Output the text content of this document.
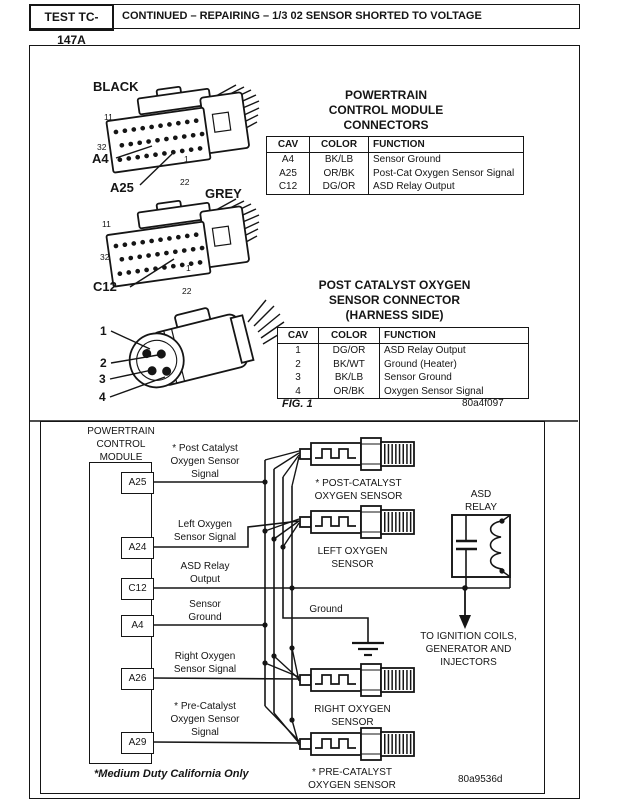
TEST TC-147A
CONTINUED – REPAIRING – 1/3 02 SENSOR SHORTED TO VOLTAGE
BLACK
GREY
11
32
1
22
A4
A25
11
32
1
22
C12
1
2
3
4
POWERTRAIN
CONTROL MODULE
CONNECTORS
CAV	COLOR	FUNCTION
A4	BK/LB	Sensor Ground
A25	OR/BK	Post-Cat Oxygen Sensor Signal
C12	DG/OR	ASD Relay Output
POST CATALYST OXYGEN
SENSOR CONNECTOR
(HARNESS SIDE)
CAV	COLOR	FUNCTION
1	DG/OR	ASD Relay Output
2	BK/WT	Ground (Heater)
3	BK/LB	Sensor Ground
4	OR/BK	Oxygen Sensor Signal
FIG. 1	80a4f097
POWERTRAIN
CONTROL
MODULE
A25
A24
C12
A4
A26
A29
* Post Catalyst
Oxygen Sensor
Signal
Left Oxygen
Sensor Signal
ASD Relay
Output
Sensor
Ground
Right Oxygen
Sensor Signal
* Pre-Catalyst
Oxygen Sensor
Signal
* POST-CATALYST
OXYGEN SENSOR
LEFT OXYGEN
SENSOR
RIGHT OXYGEN
SENSOR
* PRE-CATALYST
OXYGEN SENSOR
ASD
RELAY
Ground
TO IGNITION COILS,
GENERATOR AND
INJECTORS
*Medium Duty California Only	80a9536d
